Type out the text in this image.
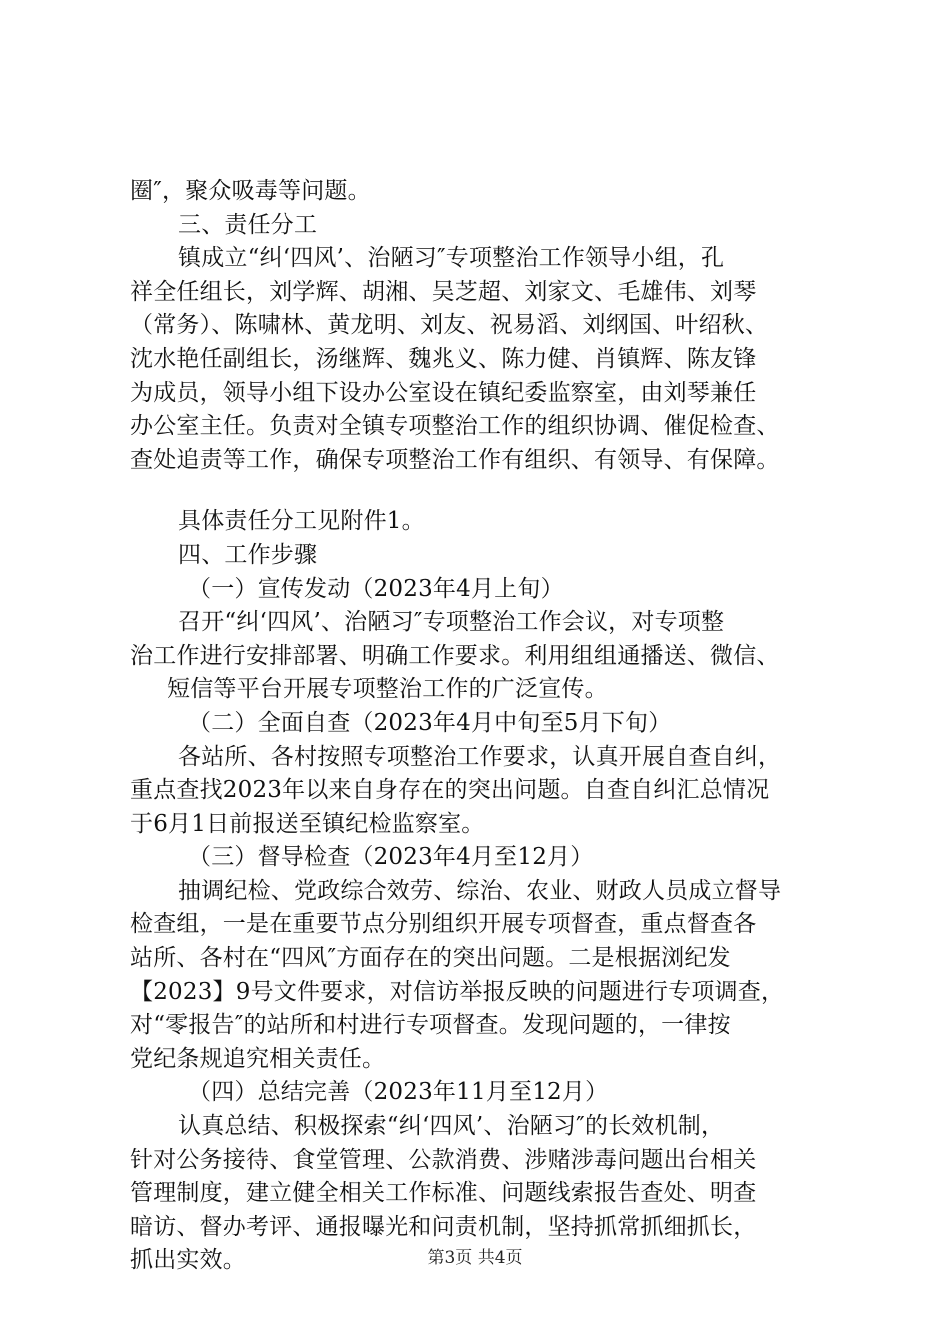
圈″，聚众吸毒等问题。
三、责任分工
镇成立“纠‘四风’、治陋习″专项整治工作领导小组，孔
祥全任组长，刘学辉、胡湘、吴芝超、刘家文、毛雄伟、刘琴
（常务）、陈啸林、黄龙明、刘友、祝易滔、刘纲国、叶绍秋、
沈水艳任副组长，汤继辉、魏兆义、陈力健、肖镇辉、陈友锋
为成员，领导小组下设办公室设在镇纪委监察室，由刘琴兼任
办公室主任。负责对全镇专项整治工作的组织协调、催促检查、
查处追责等工作，确保专项整治工作有组织、有领导、有保障。
具体责任分工见附件1。
四、工作步骤
（一）宣传发动（2023年4月上旬）
召开“纠‘四风’、治陋习″专项整治工作会议，对专项整
治工作进行安排部署、明确工作要求。利用组组通播送、微信、
短信等平台开展专项整治工作的广泛宣传。
（二）全面自查（2023年4月中旬至5月下旬）
各站所、各村按照专项整治工作要求，认真开展自查自纠，
重点查找2023年以来自身存在的突出问题。自查自纠汇总情况
于6月1日前报送至镇纪检监察室。
（三）督导检查（2023年4月至12月）
抽调纪检、党政综合效劳、综治、农业、财政人员成立督导
检查组，一是在重要节点分别组织开展专项督查，重点督查各
站所、各村在“四风″方面存在的突出问题。二是根据浏纪发
【2023】9号文件要求，对信访举报反映的问题进行专项调查，
对“零报告″的站所和村进行专项督查。发现问题的，一律按
党纪条规追究相关责任。
（四）总结完善（2023年11月至12月）
认真总结、积极探索“纠‘四风’、治陋习″的长效机制，
针对公务接待、食堂管理、公款消费、涉赌涉毒问题出台相关
管理制度，建立健全相关工作标准、问题线索报告查处、明查
暗访、督办考评、通报曝光和问责机制，坚持抓常抓细抓长，
抓出实效。	第3页 共4页
